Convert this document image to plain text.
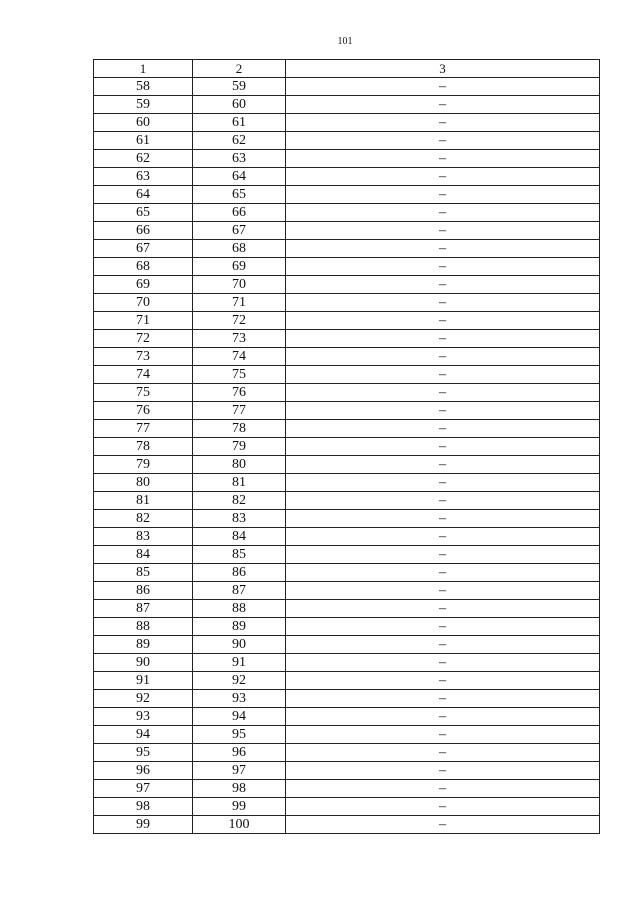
101
1	2	3
58	59	–
59	60	–
60	61	–
61	62	–
62	63	–
63	64	–
64	65	–
65	66	–
66	67	–
67	68	–
68	69	–
69	70	–
70	71	–
71	72	–
72	73	–
73	74	–
74	75	–
75	76	–
76	77	–
77	78	–
78	79	–
79	80	–
80	81	–
81	82	–
82	83	–
83	84	–
84	85	–
85	86	–
86	87	–
87	88	–
88	89	–
89	90	–
90	91	–
91	92	–
92	93	–
93	94	–
94	95	–
95	96	–
96	97	–
97	98	–
98	99	–
99	100	–
